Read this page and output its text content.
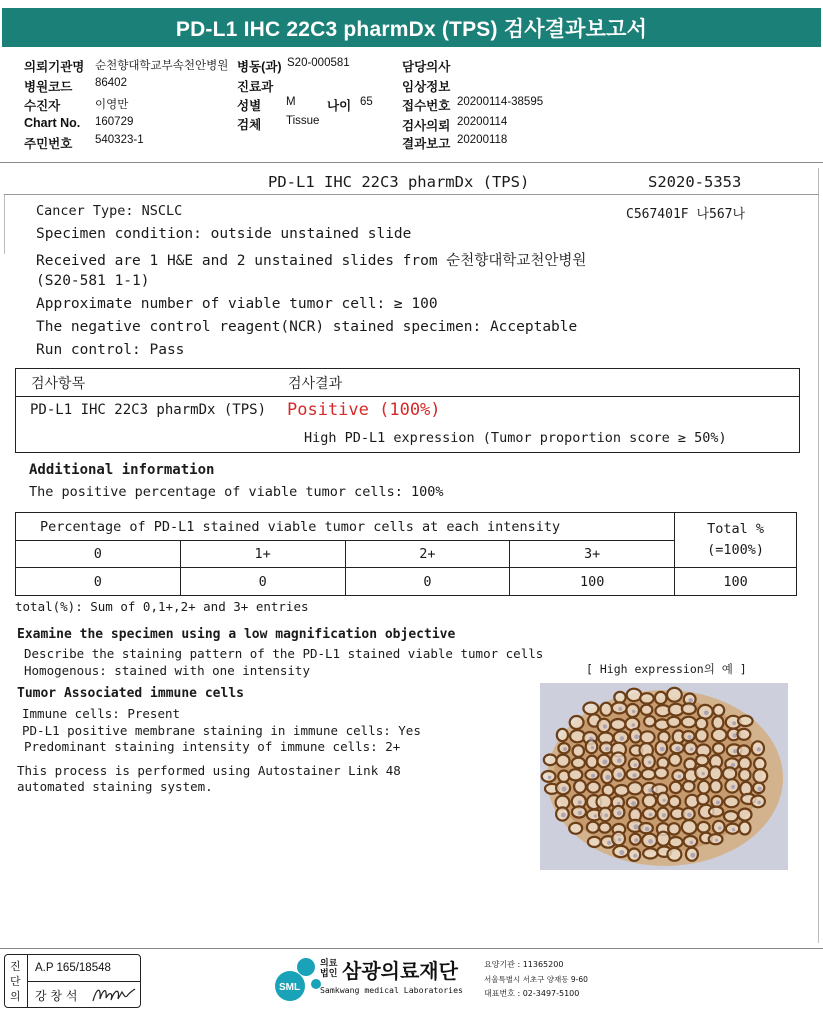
PD-L1 IHC 22C3 pharmDx (TPS) 검사결과보고서
의뢰기관명 순천향대학교부속천안병원 병동(과) S20-000581	담당의사
병원코드 86402	진료과	임상정보
수진자	이영만	성별 M	나이 65 접수번호 20200114-38595
Chart No. 160729	검체 Tissue	검사의뢰 20200114
주민번호 540323-1	결과보고 20200118
PD-L1 IHC 22C3 pharmDx (TPS)	S2020-5353
C567401F 나567나
Cancer Type: NSCLC
Specimen condition: outside unstained slide
Received are 1 H&E and 2 unstained slides from 순천향대학교천안병원
(S20-581 1-1)
Approximate number of viable tumor cell: ≥ 100
The negative control reagent(NCR) stained specimen: Acceptable
Run control: Pass
검사항목	검사결과
PD-L1 IHC 22C3 pharmDx (TPS) Positive (100%)
High PD-L1 expression (Tumor proportion score ≥ 50%)
Additional information
The positive percentage of viable tumor cells: 100%
Percentage of PD-L1 stained viable tumor cells at each intensity				Total %
(=100%)
0	1+	2+	3+	
0	0	0	100	100
total(%): Sum of 0,1+,2+ and 3+ entries
Examine the specimen using a low magnification objective
Describe the staining pattern of the PD-L1 stained viable tumor cells
Homogenous: stained with one intensity	[ High expression의 예 ]
Tumor Associated immune cells
Immune cells: Present
PD-L1 positive membrane staining in immune cells: Yes
Predominant staining intensity of immune cells: 2+
This process is performed using Autostainer Link 48
automated staining system.
진단의
A.P 165/18548
강 창 석
SML
의료
법인 삼광의료재단
Samkwang medical Laboratories
요양기관 : 11365200
서울특별시 서초구 양재동 9-60
대표번호 : 02-3497-5100
